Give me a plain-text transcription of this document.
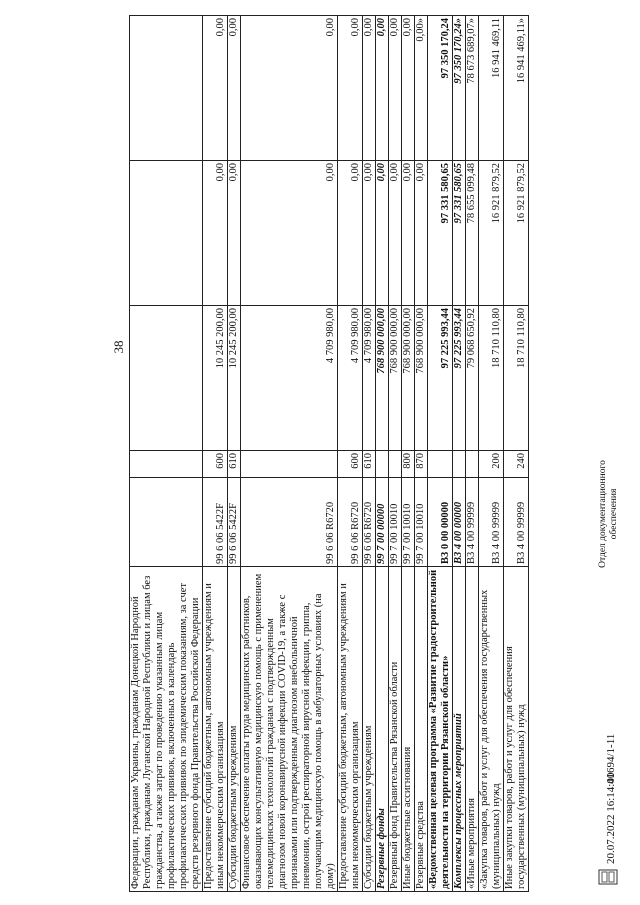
38
Федерации, гражданам Украины, гражданам Донецкой Народной Республики, гражданам Луганской Народной Республики и лицам без гражданства, а также затрат по проведению указанным лицам профилактических прививок, включенных в календарь профилактических прививок по эпидемическим показаниям, за счет средств резервного фонда Правительства Российской Федерации					
Предоставление субсидий бюджетным, автономным учреждениям и иным некоммерческим организациям	99 6 06 5422F	600	10 245 200,00	0,00	0,00
Субсидии бюджетным учреждениям	99 6 06 5422F	610	10 245 200,00	0,00	0,00
Финансовое обеспечение оплаты труда медицинских работников, оказывающих консультативную медицинскую помощь с применением телемедицинских технологий гражданам с подтвержденным диагнозом новой коронавирусной инфекции COVID-19, а также с признаками или подтвержденным диагнозом внебольничной пневмонии, острой респираторной вирусной инфекции, гриппа, получающим медицинскую помощь в амбулаторных условиях (на дому)	99 6 06 R6720		4 709 980,00	0,00	0,00
Предоставление субсидий бюджетным, автономным учреждениям и иным некоммерческим организациям	99 6 06 R6720	600	4 709 980,00	0,00	0,00
Субсидии бюджетным учреждениям	99 6 06 R6720	610	4 709 980,00	0,00	0,00
Резервные фонды	99 7 00 00000		768 900 000,00	0,00	0,00
Резервный фонд Правительства Рязанской области	99 7 00 10010		768 900 000,00	0,00	0,00
Иные бюджетные ассигнования	99 7 00 10010	800	768 900 000,00	0,00	0,00
Резервные средства	99 7 00 10010	870	768 900 000,00	0,00	0,00»
«Ведомственная целевая программа «Развитие градостроительной деятельности на территории Рязанской области»	В3 0 00 00000		97 225 993,44	97 331 580,65	97 350 170,24
Комплексы процессных мероприятий	В3 4 00 00000		97 225 993,44	97 331 580,65	97 350 170,24»
«Иные мероприятия	В3 4 00 99999		79 068 650,92	78 655 099,48	78 673 689,07»
«Закупка товаров, работ и услуг для обеспечения государственных (муниципальных) нужд	В3 4 00 99999	200	18 710 110,80	16 921 879,52	16 941 469,11
Иные закупки товаров, работ и услуг для обеспечения государственных (муниципальных) нужд	В3 4 00 99999	240	18 710 110,80	16 921 879,52	16 941 469,11»
20.07.2022 16:14:00
41694/1-11
Отдел документационного обеспечения
